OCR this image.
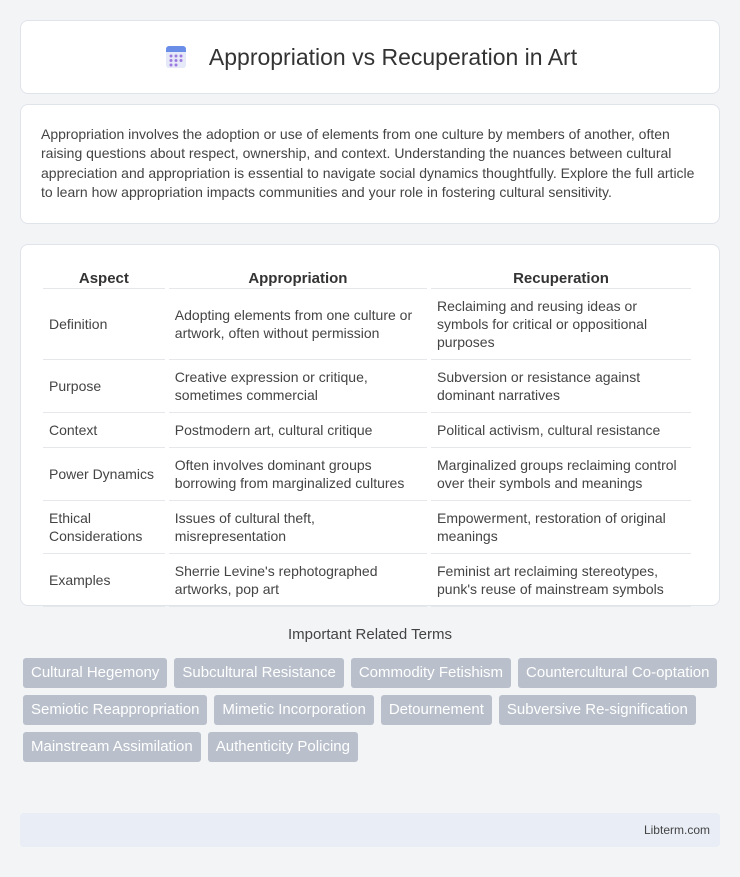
Appropriation vs Recuperation in Art

Appropriation involves the adoption or use of elements from one culture by members of another, often raising questions about respect, ownership, and context. Understanding the nuances between cultural appreciation and appropriation is essential to navigate social dynamics thoughtfully. Explore the full article to learn how appropriation impacts communities and your role in fostering cultural sensitivity.

Aspect	Appropriation	Recuperation
Definition	Adopting elements from one culture or artwork, often without permission	Reclaiming and reusing ideas or symbols for critical or oppositional purposes
Purpose	Creative expression or critique, sometimes commercial	Subversion or resistance against dominant narratives
Context	Postmodern art, cultural critique	Political activism, cultural resistance
Power Dynamics	Often involves dominant groups borrowing from marginalized cultures	Marginalized groups reclaiming control over their symbols and meanings
Ethical Considerations	Issues of cultural theft, misrepresentation	Empowerment, restoration of original meanings
Examples	Sherrie Levine's rephotographed artworks, pop art	Feminist art reclaiming stereotypes, punk's reuse of mainstream symbols
Important Related Terms
Cultural Hegemony	Subcultural Resistance	Commodity Fetishism	Countercultural Co-optation
Semiotic Reappropriation	Mimetic Incorporation	Detournement	Subversive Re-signification
Mainstream Assimilation	Authenticity Policing
Libterm.com
